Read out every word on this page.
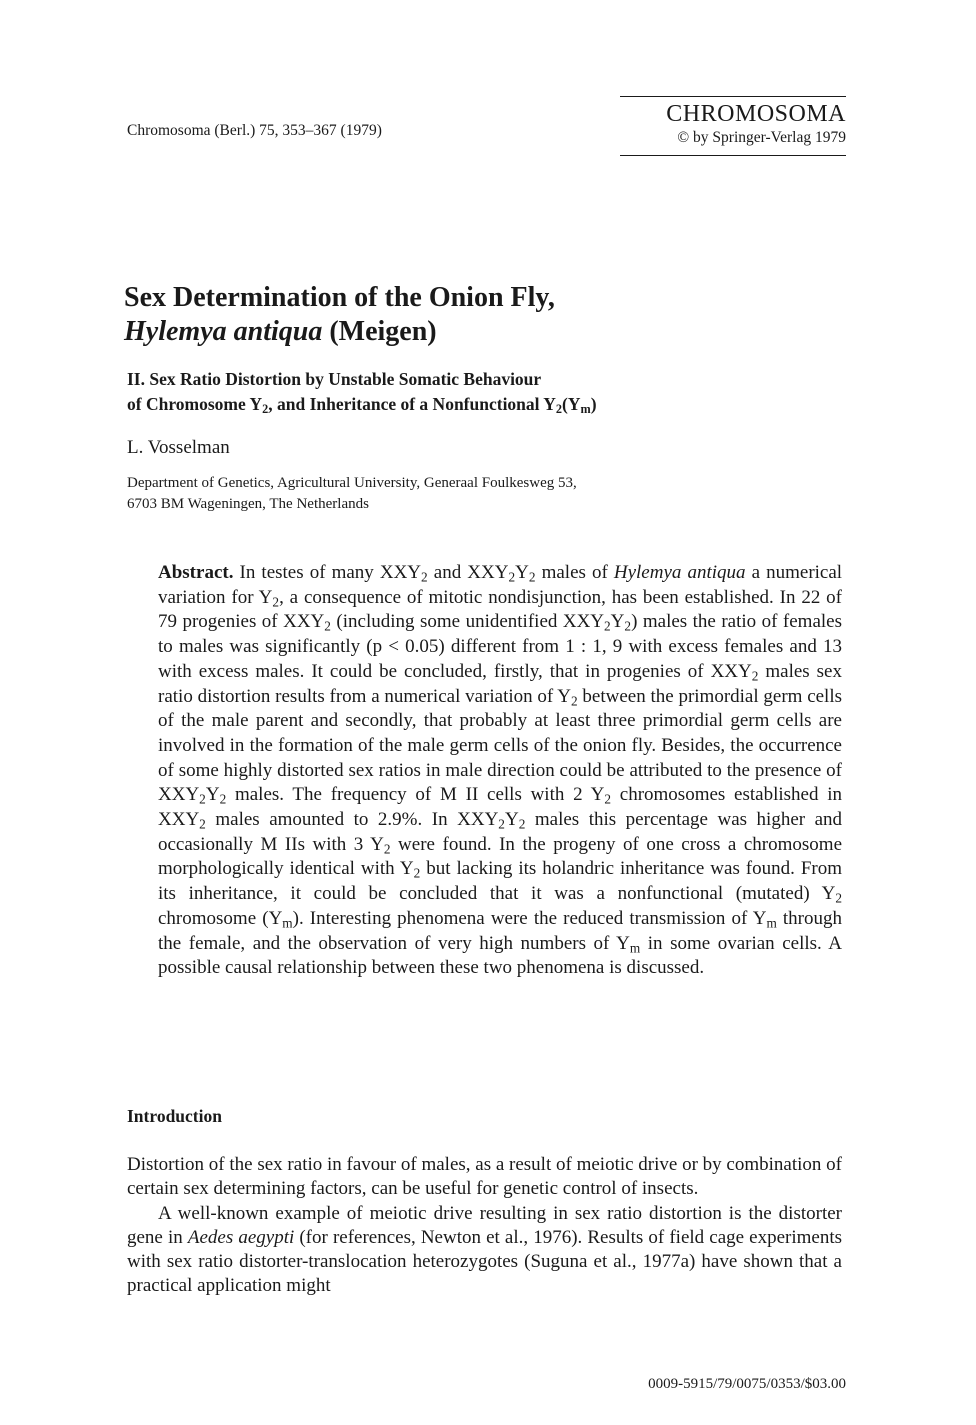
Chromosoma (Berl.) 75, 353–367 (1979)
CHROMOSOMA
© by Springer-Verlag 1979
Sex Determination of the Onion Fly,
Hylemya antiqua (Meigen)
II. Sex Ratio Distortion by Unstable Somatic Behaviour
of Chromosome $Y_2$, and Inheritance of a Nonfunctional $Y_2(Y_m)$
L. Vosselman
Department of Genetics, Agricultural University, Generaal Foulkesweg 53,
6703 BM Wageningen, The Netherlands
Abstract. In testes of many $XXY_2$ and $XXY_2Y_2$ males of Hylemya antiqua a numerical variation for $Y_2$, a consequence of mitotic nondisjunction, has been established. In 22 of 79 progenies of $XXY_2$ (including some unidentified $XXY_2Y_2$) males the ratio of females to males was significantly (p < 0.05) different from 1 : 1, 9 with excess females and 13 with excess males. It could be concluded, firstly, that in progenies of $XXY_2$ males sex ratio distortion results from a numerical variation of $Y_2$ between the primordial germ cells of the male parent and secondly, that probably at least three primordial germ cells are involved in the formation of the male germ cells of the onion fly. Besides, the occurrence of some highly distorted sex ratios in male direction could be attributed to the presence of $XXY_2Y_2$ males. The frequency of M II cells with 2 $Y_2$ chromosomes established in $XXY_2$ males amounted to 2.9%. In $XXY_2Y_2$ males this percentage was higher and occasionally M IIs with 3 $Y_2$ were found. In the progeny of one cross a chromosome morphologically identical with $Y_2$ but lacking its holandric inheritance was found. From its inheritance, it could be concluded that it was a nonfunctional (mutated) $Y_2$ chromosome $(Y_m)$. Interesting phenomena were the reduced transmission of $Y_m$ through the female, and the observation of very high numbers of $Y_m$ in some ovarian cells. A possible causal relationship between these two phenomena is discussed.
Introduction

Distortion of the sex ratio in favour of males, as a result of meiotic drive or by combination of certain sex determining factors, can be useful for genetic control of insects.

A well-known example of meiotic drive resulting in sex ratio distortion is the distorter gene in Aedes aegypti (for references, Newton et al., 1976). Results of field cage experiments with sex ratio distorter-translocation heterozygotes (Suguna et al., 1977a) have shown that a practical application might

0009-5915/79/0075/0353/$03.00
